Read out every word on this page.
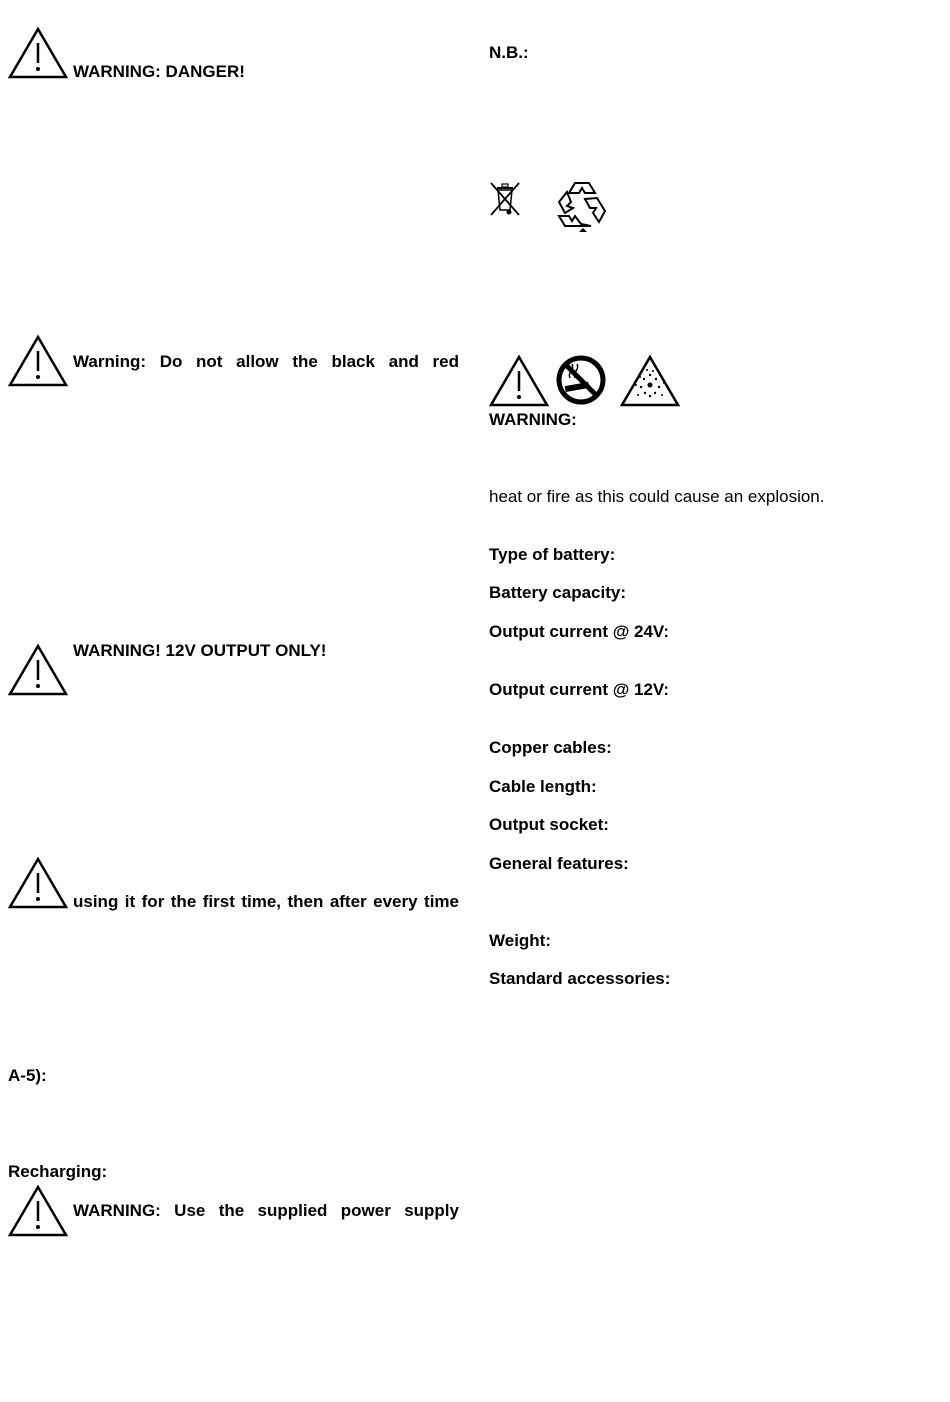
WARNING: DANGER!
Warning: Do not allow the black and red
WARNING! 12V OUTPUT ONLY!
using it for the first time, then after every time
A-5):
Recharging:
WARNING: Use the supplied power supply
N.B.:
WARNING:
heat or fire as this could cause an explosion.
Type of battery:
Battery capacity:
Output current @ 24V:
Output current @ 12V:
Copper cables:
Cable length:
Output socket:
General features:
Weight:
Standard accessories:
